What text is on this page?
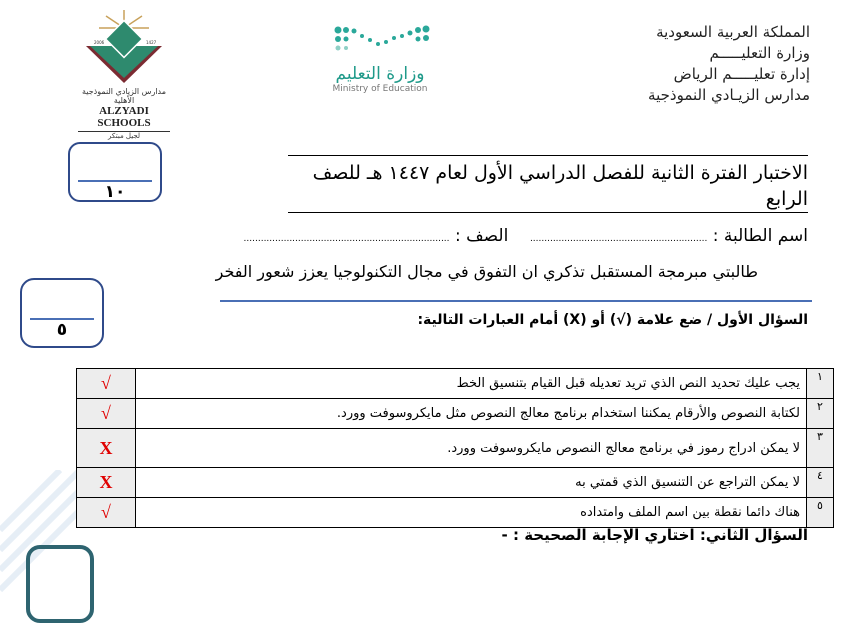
المملكة العربية السعودية
وزارة التعليـــــم
إدارة تعليـــــم الرياض
مدارس الزيـادي النموذجية
وزارة التعليم
Ministry of Education
2006	1427
مدارس الزيادي النموذجية الأهلية
ALZYADI SCHOOLS
لجيل مبتكر
١٠
الاختبار الفترة الثانية للفصل الدراسي الأول لعام ١٤٤٧ هـ للصف الرابع
اسم الطالبة : ..............................................................    الصف : ........................................................................
طالبتي مبرمجة المستقبل تذكري ان التفوق في مجال التكنولوجيا يعزز شعور الفخر
٥	السؤال الأول / ضع علامة (√) أو (X) أمام العبارات التالية:
١	يجب عليك تحديد النص الذي تريد تعديله قبل القيام بتنسيق الخط	√
٢	لكتابة النصوص والأرقام يمكننا استخدام برنامج معالج النصوص مثل مايكروسوفت وورد.	√
٣	لا يمكن ادراج رموز في برنامج معالج النصوص مايكروسوفت وورد.	X
٤	لا يمكن التراجع عن التنسيق الذي قمتي به	X
٥	هناك دائما نقطة بين اسم الملف وامتداده	√
السؤال الثاني: اختاري الإجابة الصحيحة : -
